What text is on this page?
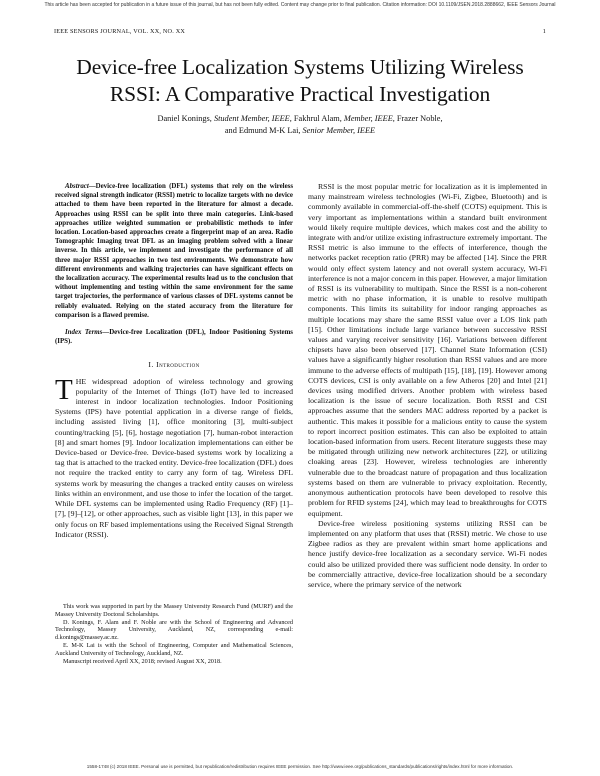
This article has been accepted for publication in a future issue of this journal, but has not been fully edited. Content may change prior to final publication. Citation information: DOI 10.1109/JSEN.2018.2888662, IEEE Sensors Journal
IEEE SENSORS JOURNAL, VOL. XX, NO. XX	1
Device-free Localization Systems Utilizing Wireless
RSSI: A Comparative Practical Investigation
Daniel Konings, Student Member, IEEE, Fakhrul Alam, Member, IEEE, Frazer Noble,
and Edmund M-K Lai, Senior Member, IEEE

Abstract—Device-free localization (DFL) systems that rely on the wireless received signal strength indicator (RSSI) metric to localize targets with no device attached to them have been reported in the literature for almost a decade. Approaches using RSSI can be split into three main categories. Link-based approaches utilize weighted summation or probabilistic methods to infer location. Location-based approaches create a fingerprint map of an area. Radio Tomographic Imaging treat DFL as an imaging problem solved with a linear inverse. In this article, we implement and investigate the performance of all three major RSSI approaches in two test environments. We demonstrate how different environments and walking trajectories can have significant effects on the localization accuracy. The experimental results lead us to the conclusion that without implementing and testing within the same environment for the same target trajectories, the performance of various classes of DFL systems cannot be reliably evaluated. Relying on the stated accuracy from the literature for comparison is a flawed premise.

Index Terms—Device-free Localization (DFL), Indoor Positioning Systems (IPS).

I. Introduction

THE widespread adoption of wireless technology and growing popularity of the Internet of Things (IoT) have led to increased interest in indoor localization technologies. Indoor Positioning Systems (IPS) have potential application in a diverse range of fields, including assisted living [1], office monitoring [3], multi-subject counting/tracking [5], [6], hostage negotiation [7], human-robot interaction [8] and smart homes [9]. Indoor localization implementations can either be Device-based or Device-free. Device-based systems work by localizing a tag that is attached to the tracked entity. Device-free localization (DFL) does not require the tracked entity to carry any form of tag. Wireless DFL systems work by measuring the changes a tracked entity causes on wireless links within an environment, and use those to infer the location of the target. While DFL systems can be implemented using Radio Frequency (RF) [1]–[7], [9]–[12], or other approaches, such as visible light [13], in this paper we only focus on RF based implementations using the Received Signal Strength Indicator (RSSI).

This work was supported in part by the Massey University Research Fund (MURF) and the Massey University Doctoral Scholarships.

D. Konings, F. Alam and F. Noble are with the School of Engineering and Advanced Technology, Massey University, Auckland, NZ, corresponding e-mail: d.konings@massey.ac.nz.

E. M-K Lai is with the School of Engineering, Computer and Mathematical Sciences, Auckland University of Technology, Auckland, NZ.

Manuscript received April XX, 2018; revised August XX, 2018.

RSSI is the most popular metric for localization as it is implemented in many mainstream wireless technologies (Wi-Fi, Zigbee, Bluetooth) and is commonly available in commercial-off-the-shelf (COTS) equipment. This is very important as implementations within a standard built environment would likely require multiple devices, which makes cost and the ability to integrate with and/or utilize existing infrastructure extremely important. The RSSI metric is also immune to the effects of interference, though the networks packet reception ratio (PRR) may be affected [14]. Since the PRR would only effect system latency and not overall system accuracy, Wi-Fi interference is not a major concern in this paper. However, a major limitation of RSSI is its vulnerability to multipath. Since the RSSI is a non-coherent metric with no phase information, it is unable to resolve multipath components. This limits its suitability for indoor ranging approaches as multiple locations may share the same RSSI value over a LOS link path [15]. Other limitations include large variance between successive RSSI values and varying receiver sensitivity [16]. Variations between different chipsets have also been observed [17]. Channel State Information (CSI) values have a significantly higher resolution than RSSI values and are more immune to the adverse effects of multipath [15], [18], [19]. However among COTS devices, CSI is only available on a few Atheros [20] and Intel [21] devices using modified drivers. Another problem with wireless based localization is the issue of secure localization. Both RSSI and CSI approaches assume that the senders MAC address reported by a packet is authentic. This makes it possible for a malicious entity to cause the system to report incorrect position estimates. This can also be exploited to attain location-based information from users. Recent literature suggests these may be mitigated through utilizing new network architectures [22], or utilizing cloaking areas [23]. However, wireless technologies are inherently vulnerable due to the broadcast nature of propagation and thus localization systems based on them are vulnerable to privacy exploitation. Recently, anonymous authentication protocols have been developed to resolve this problem for RFID systems [24], which may lead to breakthroughs for COTS equipment.

Device-free wireless positioning systems utilizing RSSI can be implemented on any platform that uses that (RSSI) metric. We chose to use Zigbee radios as they are prevalent within smart home applications and hence justify device-free localization as a secondary service. Wi-Fi nodes could also be utilized provided there was sufficient node density. In order to be commercially attractive, device-free localization should be a secondary service, where the primary service of the network

1558-1748 (c) 2018 IEEE. Personal use is permitted, but republication/redistribution requires IEEE permission. See http://www.ieee.org/publications_standards/publications/rights/index.html for more information.
